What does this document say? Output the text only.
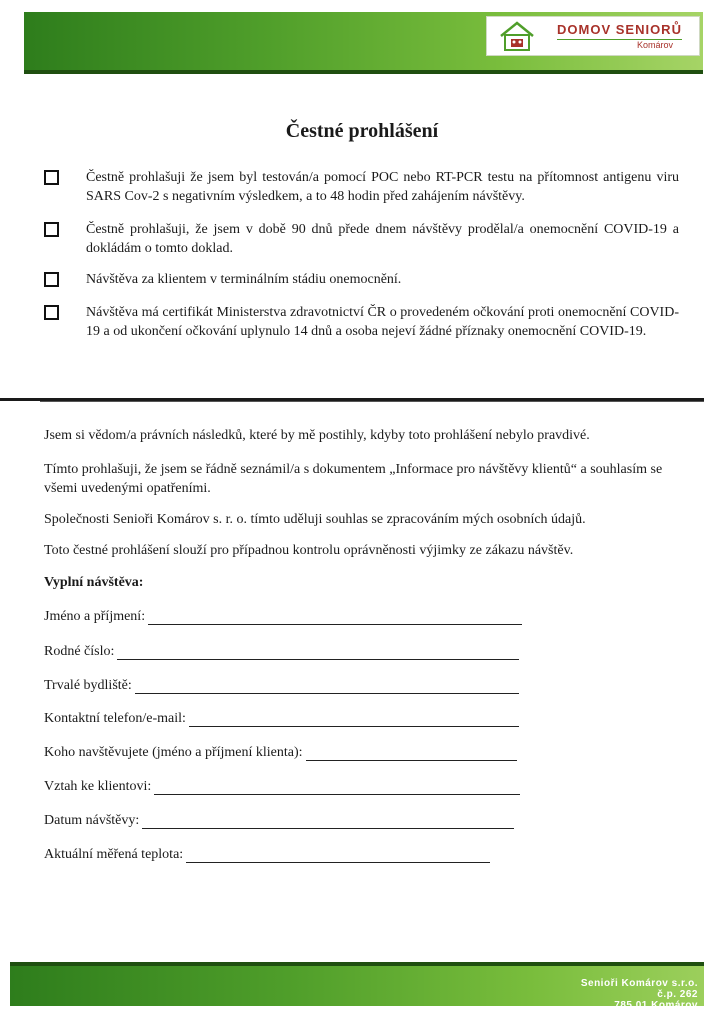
DOMOV SENIORŮ
Komárov
Čestné prohlášení
Čestně prohlašuji že jsem byl testován/a pomocí POC nebo RT-PCR testu na přítomnost antigenu viru SARS Cov-2 s negativním výsledkem, a to 48 hodin před zahájením návštěvy.
Čestně prohlašuji, že jsem v době 90 dnů přede dnem návštěvy prodělal/a onemocnění COVID-19 a dokládám o tomto doklad.
Návštěva za klientem v terminálním stádiu onemocnění.
Návštěva má certifikát Ministerstva zdravotnictví ČR o provedeném očkování proti onemocnění COVID-19 a od ukončení očkování uplynulo 14 dnů a osoba nejeví žádné příznaky onemocnění COVID-19.
Jsem si vědom/a právních následků, které by mě postihly, kdyby toto prohlášení nebylo pravdivé.
Tímto prohlašuji, že jsem se řádně seznámil/a s dokumentem „Informace pro návštěvy klientů“ a souhlasím se všemi uvedenými opatřeními.
Společnosti Senioři Komárov s. r. o. tímto uděluji souhlas se zpracováním mých osobních údajů.
Toto čestné prohlášení slouží pro případnou kontrolu oprávněnosti výjimky ze zákazu návštěv.
Vyplní návštěva:
Jméno a příjmení:
Rodné číslo:
Trvalé bydliště:
Kontaktní telefon/e-mail:
Koho navštěvujete (jméno a příjmení klienta):
Vztah ke klientovi:
Datum návštěvy:
Aktuální měřená teplota:
Senioři Komárov s.r.o.
č.p. 262
785 01 Komárov
